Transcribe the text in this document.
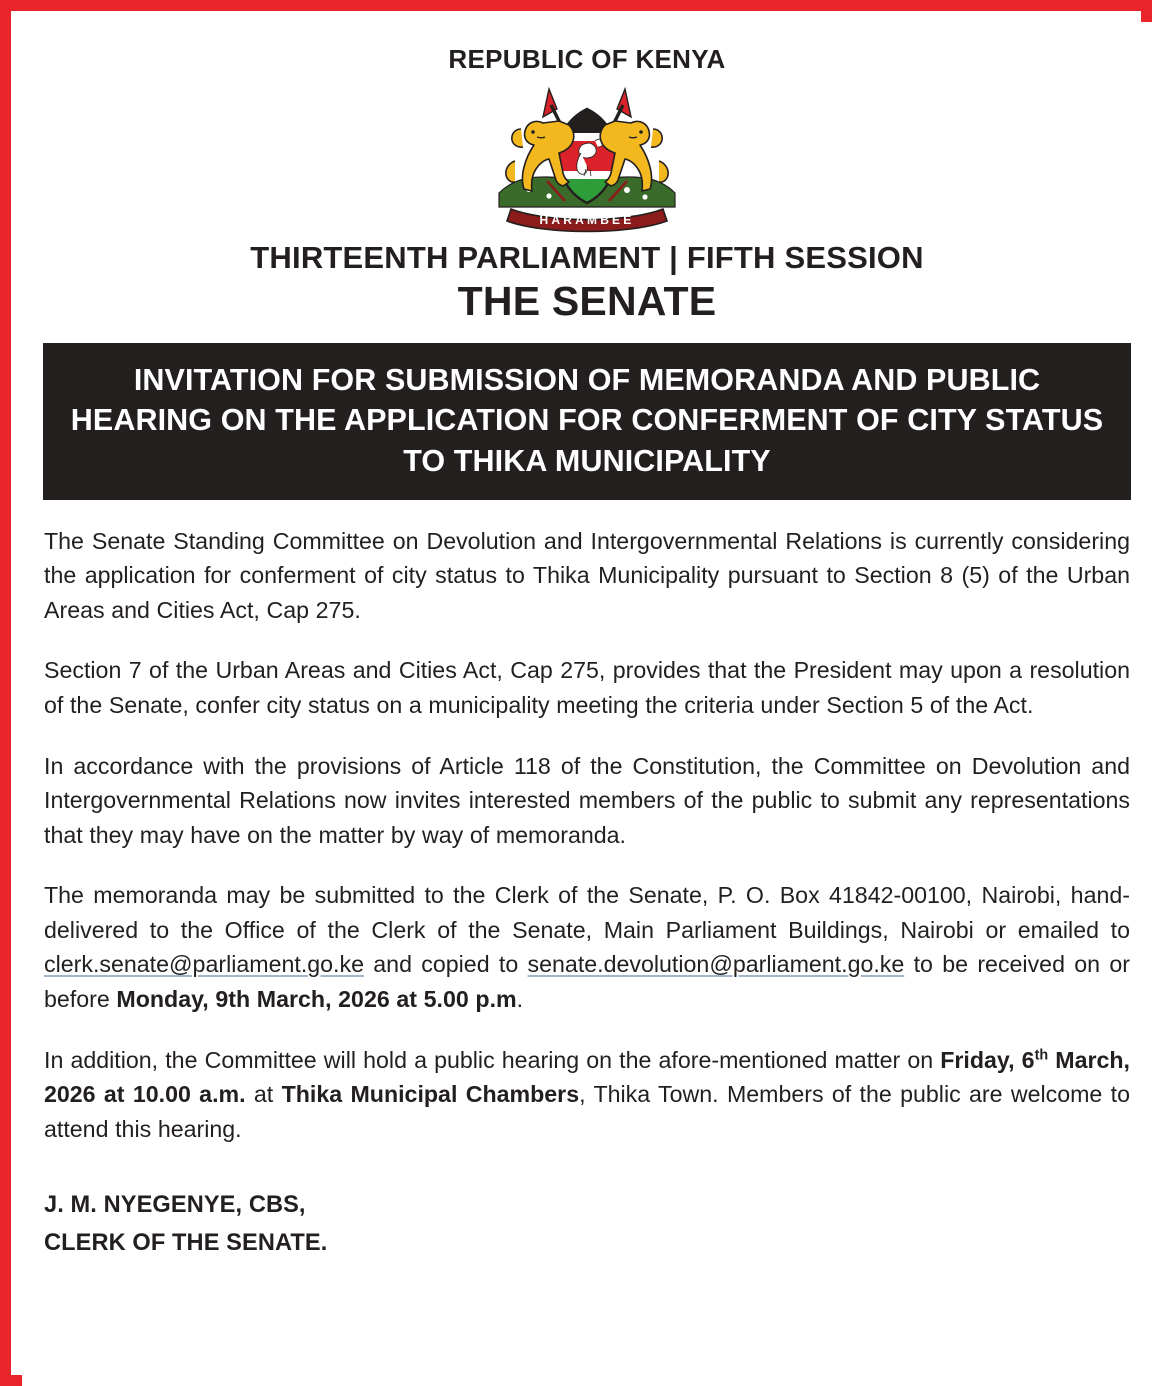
REPUBLIC OF KENYA
HARAMBEE
THIRTEENTH PARLIAMENT | FIFTH SESSION
THE SENATE
INVITATION FOR SUBMISSION OF MEMORANDA AND PUBLIC HEARING ON THE APPLICATION FOR CONFERMENT OF CITY STATUS TO THIKA MUNICIPALITY

The Senate Standing Committee on Devolution and Intergovernmental Relations is currently considering the application for conferment of city status to Thika Municipality pursuant to Section 8 (5) of the Urban Areas and Cities Act, Cap 275.

Section 7 of the Urban Areas and Cities Act, Cap 275, provides that the President may upon a resolution of the Senate, confer city status on a municipality meeting the criteria under Section 5 of the Act.

In accordance with the provisions of Article 118 of the Constitution, the Committee on Devolution and Intergovernmental Relations now invites interested members of the public to submit any representations that they may have on the matter by way of memoranda.

The memoranda may be submitted to the Clerk of the Senate, P. O. Box 41842-00100, Nairobi, hand-delivered to the Office of the Clerk of the Senate, Main Parliament Buildings, Nairobi or emailed to clerk.senate@parliament.go.ke and copied to senate.devolution@parliament.go.ke to be received on or before Monday, 9th March, 2026 at 5.00 p.m.

In addition, the Committee will hold a public hearing on the afore-mentioned matter on Friday, 6th March, 2026 at 10.00 a.m. at Thika Municipal Chambers, Thika Town. Members of the public are welcome to attend this hearing.

J. M. NYEGENYE, CBS,
CLERK OF THE SENATE.
